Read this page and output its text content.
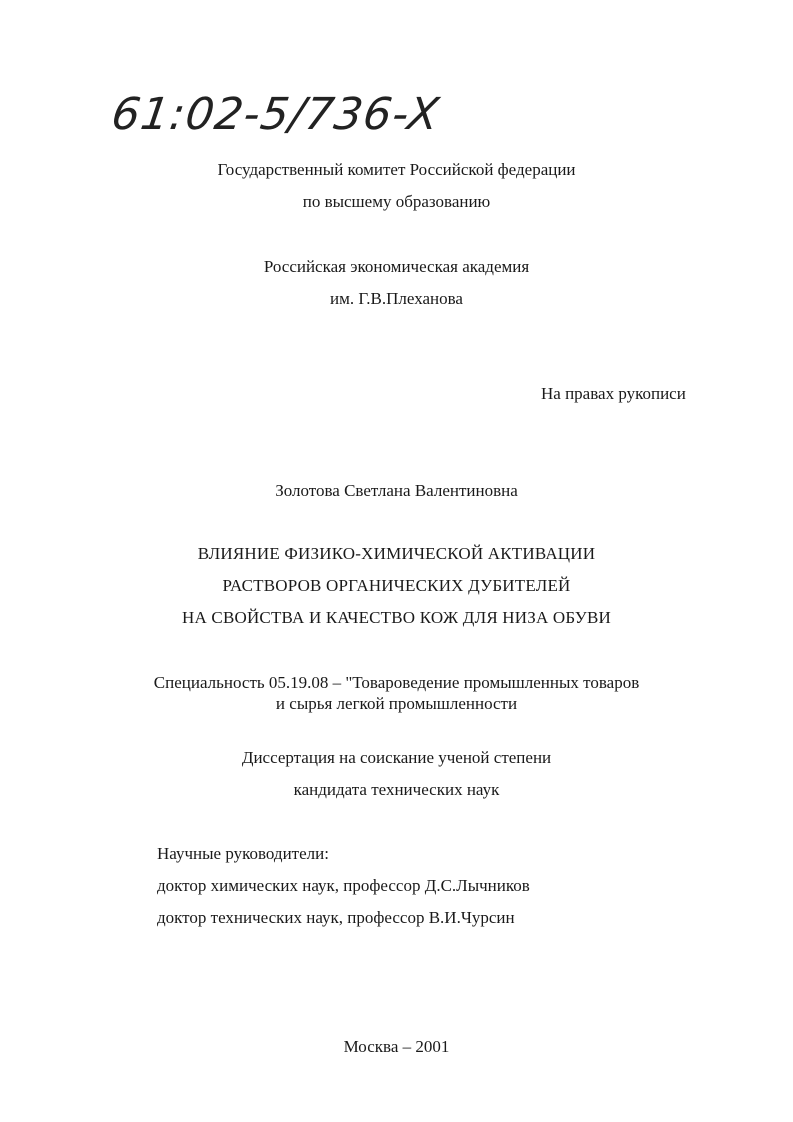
61:02-5/736-X
Государственный комитет Российской федерации
по высшему образованию
Российская экономическая академия
им. Г.В.Плеханова
На правах рукописи
Золотова Светлана Валентиновна
ВЛИЯНИЕ ФИЗИКО-ХИМИЧЕСКОЙ АКТИВАЦИИ
РАСТВОРОВ ОРГАНИЧЕСКИХ ДУБИТЕЛЕЙ
НА СВОЙСТВА И КАЧЕСТВО КОЖ ДЛЯ НИЗА ОБУВИ
Специальность 05.19.08 – "Товароведение промышленных товаров
и сырья легкой промышленности
Диссертация на соискание ученой степени
кандидата технических наук
Научные руководители:
доктор химических наук, профессор Д.С.Лычников
доктор технических наук, профессор В.И.Чурсин
Москва – 2001
